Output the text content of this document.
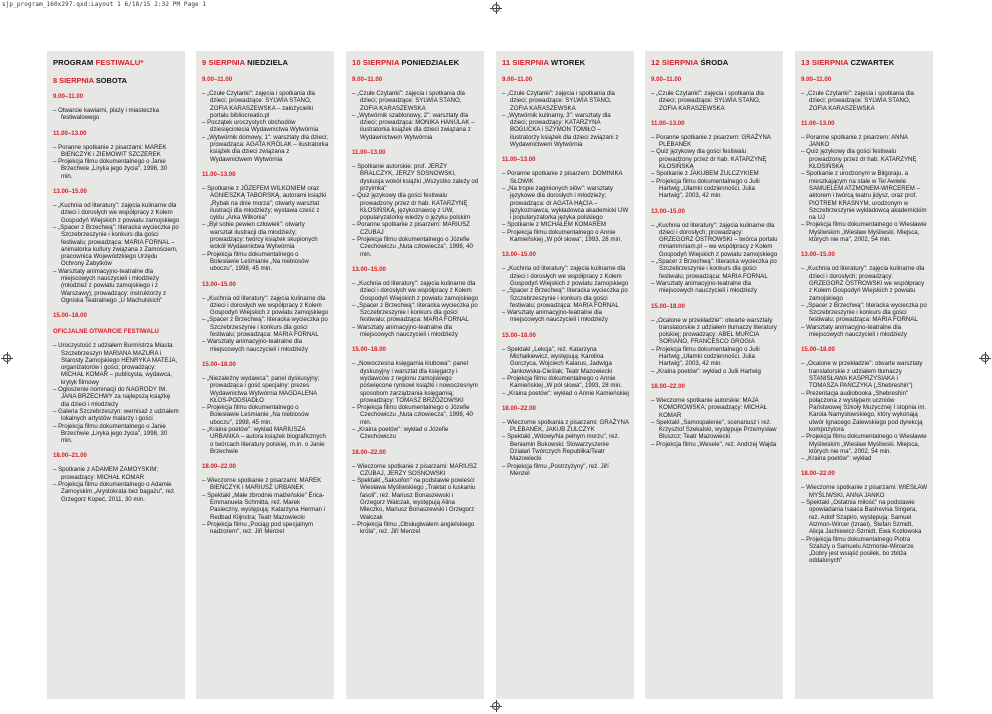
sjp_program_160x297.qxd:Layout 1 6/18/15 2:32 PM Page 1
PROGRAM FESTIWALU*
8 SIERPNIA SOBOTA
9.00–11.00
– Otwarcie kawiarni, plaży i miasteczka festiwalowego
11.00–13.00
– Poranne spotkanie z pisarzami: MAREK BIEŃCZYK i ZIEMOWIT SZCZEREK
– Projekcja filmu dokumentalnego o Janie Brzechwie „Liryka jego życia", 1998, 30 min.
13.00–15.00
– „Kuchnia od literatury": zajęcia kulinarne dla dzieci i dorosłych we współpracy z Kołem Gospodyń Wiejskich z powiatu zamojskiego
– „Spacer z Brzechwą": literacka wycieczka po Szczebrzeszynie i konkurs dla gości festiwalu; prowadząca: MARIA FORNAL – animatorka kultury związana z Zamościem, pracownica Wojewódzkiego Urzędu Ochrony Zabytków
– Warsztaty animacyjno-teatralne dla miejscowych nauczycieli i młodzieży (młodzież z powiatu zamojskiego i z Warszawy); prowadzący: instruktorzy z Ogniska Teatralnego „U Machulskich"
15.00–18.00
OFICJALNE OTWARCIE FESTIWALU
– Uroczystość z udziałem Burmistrza Miasta Szczebrzeszyn MARIANA MAZURA i Starosty Zamojskiego HENRYKA MATEJA, organizatorów i gości; prowadzący: MICHAŁ KOMAR – publicysta, wydawca, krytyk filmowy
– Ogłoszenie nominacji do NAGRODY IM. JANA BRZECHWY za najlepszą książkę dla dzieci i młodzieży
– Galeria Szczebrzeszyn: wernisaż z udziałem lokalnych artystów malarzy i gości
– Projekcja filmu dokumentalnego o Janie Brzechwie „Liryka jego życia", 1998, 30 min.
18.00–21.00
– Spotkanie z ADAMEM ZAMOYSKIM; prowadzący: MICHAŁ KOMAR
– Projekcja filmu dokumentalnego o Adamie Zamoyskim „Arystokrata bez bagażu", reż. Grzegorz Kopeć, 2011, 30 min.
9 SIERPNIA NIEDZIELA
9.00–11.00
– „Czułe Czytanki": zajęcia i spotkania dla dzieci; prowadzące: SYLWIA STANO, ZOFIA KARASZEWSKA – założycielki portalu bibliocreatio.pl
– Początek uroczystych obchodów dziesięciolecia Wydawnictwa Wytwórnia
– „Wytwórnik domowy, 1": warsztaty dla dzieci; prowadząca: AGATA KRÓLAK – ilustratorka książek dla dzieci związana z Wydawnictwem Wytwórnia
11.00–13.00
– Spotkanie z JÓZEFEM WILKONIEM oraz AGNIESZKĄ TABORSKĄ, autorami książki „Rybak na dnie morza"; otwarty warsztat ilustracji dla młodzieży; wystawa cześć z cyklu „Arka Wilkonia"
– „Był sobie pewien człowiek": otwarty warsztat ilustracji dla młodzieży; prowadzący: twórcy książek skupionych wokół Wydawnictwa Wytwórnia
– Projekcja filmu dokumentalnego o Bolesławie Leśmianie „Na niebiosów uboczu", 1998, 45 min.
13.00–15.00
– „Kuchnia od literatury": zajęcia kulinarne dla dzieci i dorosłych we współpracy z Kołem Gospodyń Wiejskich z powiatu zamojskiego
– „Spacer z Brzechwą": literacka wycieczka po Szczebrzeszynie i konkurs dla gości festiwalu; prowadząca: MARIA FORNAL
– Warsztaty animacyjno-teatralne dla miejscowych nauczycieli i młodzieży
15.00–18.00
– „Niezależny wydawca": panel dyskusyjny; prowadząca i gość specjalny: prezes Wydawnictwa Wytwórnia MAGDALENA KŁOS-PODSIADŁO
– Projekcja filmu dokumentalnego o Bolesławie Leśmianie „Na niebiosów uboczu", 1998, 45 min.
– „Kraina poetów": wykład MARIUSZA URBANKA – autora książek biograficznych o twórcach literatury polskiej, m.in. o Janie Brzechwie
18.00–22.00
– Wieczorne spotkanie z pisarzami: MAREK BIEŃCZYK i MARIUSZ URBANEK
– Spektakl „Małe zbrodnie małżeńskie" Érica-Emmanuela Schmitta, reż. Marek Pasieczny, występują: Katarzyna Herman i Redbad Klijnstra; Teatr Mazowiecki
– Projekcja filmu „Pociąg pod specjalnym nadzorem", reż. Jiří Menzel
10 SIERPNIA PONIEDZIAŁEK
9.00–11.00
– „Czułe Czytanki": zajęcia i spotkania dla dzieci; prowadzące: SYLWIA STANO, ZOFIA KARASZEWSKA
– „Wytwórnik szablonowy, 2": warsztaty dla dzieci; prowadząca: MONIKA HANULAK – ilustratorka książek dla dzieci związana z Wydawnictwem Wytwórnia
11.00–13.00
– Spotkanie autorskie: prof. JERZY BRALCZYK, JERZY SOSNOWSKI, dyskusja wokół książki „Wszystko zależy od przyimka"
– Quiz językowy dla gości festiwalu prowadzony przez dr hab. KATARZYNĘ KŁOSIŃSKĄ, językoznawcę z UW, popularyzatorkę wiedzy o języku polskim
– Poranne spotkanie z pisarzem: MARIUSZ CZUBAJ
– Projekcja filmu dokumentalnego o Józefie Czechowiczu „Nuta człowiecza", 1998, 40 min.
13.00–15.00
– „Kuchnia od literatury": zajęcia kulinarne dla dzieci i dorosłych we współpracy z Kołem Gospodyń Wiejskich z powiatu zamojskiego
– „Spacer z Brzechwą": literacka wycieczka po Szczebrzeszynie i konkurs dla gości festiwalu; prowadząca: MARIA FORNAL
– Warsztaty animacyjno-teatralne dla miejscowych nauczycieli i młodzieży
15.00–18.00
– „Nowoczesna księgarnia klubowa": panel dyskusyjny i warsztat dla księgarzy i wydawców z regionu zamojskiego poświęcone rynkowi książki i nowoczesnym sposobom zarządzania księgarnią; prowadzący: TOMASZ BRZOZOWSKI
– Projekcja filmu dokumentalnego o Józefie Czechowiczu „Nuta człowiecza", 1998, 40 min.
– „Kraina poetów": wykład o Józefie Czechowiczu
18.00–22.00
– Wieczorne spotkanie z pisarzami: MARIUSZ CZUBAJ, JERZY SOSNOWSKI
– Spektakl „Saksofon" na podstawie powieści Wiesława Myśliwskiego „Traktat o łuskaniu fasoli", reż. Mariusz Bonaszewski i Grzegorz Walczak, występują Alina Mleczko, Mariusz Bonaszewski i Grzegorz Walczak
– Projekcja filmu „Obsługiwałem angielskiego króla", reż. Jiří Menzel
11 SIERPNIA WTOREK
9.00–11.00
– „Czułe Czytanki": zajęcia i spotkania dla dzieci; prowadzące: SYLWIA STANO, ZOFIA KARASZEWSKA
– „Wytwórnik kulinarny, 3": warsztaty dla dzieci; prowadzący: KATARZYNA BOGUCKA i SZYMON TOMIŁO – ilustratorzy książek dla dzieci związani z Wydawnictwem Wytwórnia
11.00–13.00
– Poranne spotkanie z pisarzem: DOMINIKA SŁOWIK
– „Na tropie zaginionych słów": warsztaty językowe dla dorosłych i młodzieży; prowadząca: dr AGATA HĄCIA – językoznawca, wykładowca akademicki UW i popularyzatorka języka polskiego
– Spotkanie z MICHAŁEM KOMAREM
– Projekcja filmu dokumentalnego o Annie Kamieńskiej „W pół słowa", 1993, 28 min.
13.00–15.00
– „Kuchnia od literatury": zajęcia kulinarne dla dzieci i dorosłych we współpracy z Kołem Gospodyń Wiejskich z powiatu zamojskiego
– „Spacer z Brzechwą": literacka wycieczka po Szczebrzeszynie i konkurs dla gości festiwalu; prowadząca: MARIA FORNAL
– Warsztaty animacyjno-teatralne dla miejscowych nauczycieli i młodzieży
15.00–18.00
– Spektakl „Lekcja", reż. Katarzyna Michałkiewicz, występują: Karolina Gorczyca, Wojciech Kalarus, Jadwiga Jankowska-Cieślak; Teatr Mazowiecki
– Projekcja filmu dokumentalnego o Annie Kamieńskiej „W pół słowa", 1993, 28 min.
– „Kraina poetów": wykład o Annie Kamieńskiej
18.00–22.00
– Wieczorne spotkania z pisarzami: GRAŻYNA PLEBANEK, JAKUB ŻULCZYK
– Spektakl „Wdowy/Na pełnym morzu", reż. Beniamin Bukowski; Stowarzyszenie Działań Twórczych Republika/Teatr Mazowiecki
– Projekcja filmu „Postrzyżyny", reż. Jiří Menzel
12 SIERPNIA ŚRODA
9.00–11.00
– „Czułe Czytanki": zajęcia i spotkania dla dzieci; prowadzące: SYLWIA STANO, ZOFIA KARASZEWSKA
11.00–13.00
– Poranne spotkanie z pisarzem: GRAŻYNA PLEBANEK
– Quiz językowy dla gości festiwalu prowadzony przez dr hab. KATARZYNĘ KŁOSIŃSKĄ
– Spotkanie z JAKUBEM ŻULCZYKIEM
– Projekcja filmu dokumentalnego o Julii Hartwig „Ułamki codzienności. Julia Hartwig", 2003, 42 min.
13.00–15.00
– „Kuchnia od literatury": zajęcia kulinarne dla dzieci i dorosłych; prowadzący: GRZEGORZ OSTROWSKI – twórca portalu mniammniam.pl – we współpracy z Kołem Gospodyń Wiejskich z powiatu zamojskiego
– „Spacer z Brzechwą": literacka wycieczka po Szczebrzeszynie i konkurs dla gości festiwalu; prowadząca: MARIA FORNAL
– Warsztaty animacyjno-teatralne dla miejscowych nauczycieli i młodzieży
15.00–18.00
– „Ocalone w przekładzie": otwarte warsztaty translatorskie z udziałem tłumaczy literatury polskiej; prowadzący: ABEL MURCIA SORIANO, FRANCESCO GROGIA
– Projekcja filmu dokumentalnego o Julii Hartwig „Ułamki codzienności. Julia Hartwig", 2003, 42 min.
– „Kraina poetów": wykład o Julii Hartwig
18.00–22.00
– Wieczorne spotkanie autorskie: MAJA KOMOROWSKA; prowadzący: MICHAŁ KOMAR
– Spektakl „Samospalenie", scenariusz i reż. Krzysztof Szekalski, występuje Przemysław Bluszcz; Teatr Mazowiecki
– Projekcja filmu „Wesele", reż. Andrzej Wajda
13 SIERPNIA CZWARTEK
9.00–11.00
– „Czułe Czytanki": zajęcia i spotkania dla dzieci; prowadzące: SYLWIA STANO, ZOFIA KARASZEWSKA
11.00–13.00
– Poranne spotkanie z pisarzem: ANNA JANKO
– Quiz językowy dla gości festiwalu prowadzony przez dr hab. KATARZYNĘ KŁOSIŃSKĄ
– Spotkanie z urodzonym w Biłgoraju, a mieszkającym na stałe w Tel Awiwie SAMUELEM ATZMONEM-WIRCEREM – aktorem i twórcą teatru jidysz, oraz prof. PIOTREM KRASNYM, urodzonym w Szczebrzeszynie wykładowcą akademickim na UJ
– Projekcja filmu dokumentalnego o Wiesławie Myśliwskim „Wiesław Myśliwski. Miejsca, których nie ma", 2002, 54 min.
13.00–15.00
– „Kuchnia od literatury": zajęcia kulinarne dla dzieci i dorosłych; prowadzący: GRZEGORZ OSTROWSKI we współpracy z Kołem Gospodyń Wiejskich z powiatu zamojskiego
– „Spacer z Brzechwą": literacka wycieczka po Szczebrzeszynie i konkurs dla gości festiwalu; prowadząca: MARIA FORNAL
– Warsztaty animacyjno-teatralne dla miejscowych nauczycieli i młodzieży
15.00–18.00
– „Ocalone w przekładzie": otwarte warsztaty translatorskie z udziałem tłumaczy STANISŁAWA KASPRZYSIAKA i TOMASZA PAŃCZYKA („Shebreshin")
– Prezentacja audiobooka „Shebreshin" połączona z występem uczniów Państwowej Szkoły Muzycznej I stopnia im. Karola Namysłowskiego, który wykonają utwór Ignacego Zalewskiego pod dyrekcją kompozytora
– Projekcja filmu dokumentalnego o Wiesławie Myśliwskim „Wiesław Myśliwski. Miejsca, których nie ma", 2002, 54 min.
– „Kraina poetów": wykład
18.00–22.00
– Wieczorne spotkanie z pisarzami: WIESŁAW MYŚLIWSKI, ANNA JANKO
– Spektakl „Ostatnia miłość" na podstawie opowiadania Isaaca Bashevisa Singera, reż. Adolf Szapiro, występują: Samuel Atzmon-Wircer (Izrael), Stefan Szmidt, Alicja Jachiewicz-Szmidt, Ewa Kozłowska
– Projekcja filmu dokumentalnego Piotra Szalszy o Samuelu Atzmonie-Wircerze „Dobry jest wsiąść posiłek, bo zbliża oddalonych"
